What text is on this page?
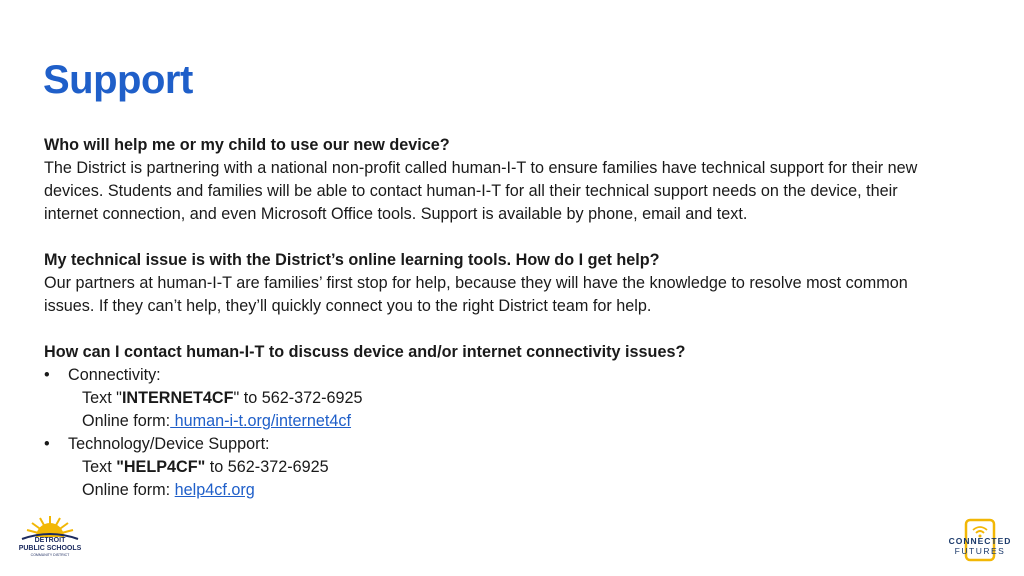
Support

Who will help me or my child to use our new device?

The District is partnering with a national non-profit called human-I-T to ensure families have technical support for their new devices. Students and families will be able to contact human-I-T for all their technical support needs on the device, their internet connection, and even Microsoft Office tools. Support is available by phone, email and text.

My technical issue is with the District’s online learning tools. How do I get help?

Our partners at human-I-T are families’ first stop for help, because they will have the knowledge to resolve most common issues. If they can’t help, they’ll quickly connect you to the right District team for help.

How can I contact human-I-T to discuss device and/or internet connectivity issues?

• Connectivity:

Text "INTERNET4CF" to 562-372-6925

Online form: human-i-t.org/internet4cf

• Technology/Device Support:

Text "HELP4CF" to 562-372-6925

Online form: help4cf.org

DETROIT
PUBLIC SCHOOLS
COMMUNITY DISTRICT
CONNECTED
FUTURES
